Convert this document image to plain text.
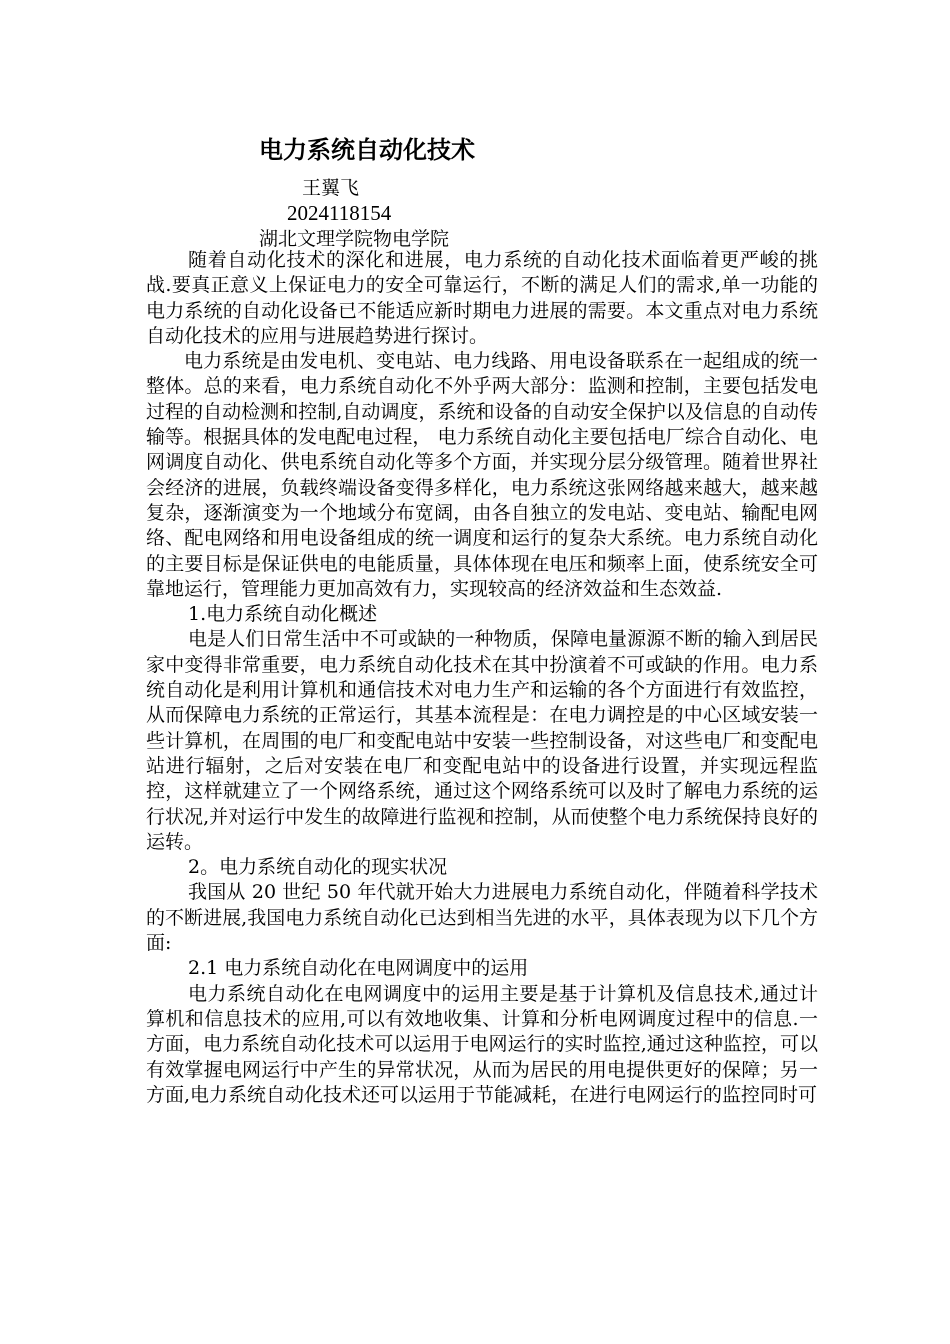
电力系统自动化技术
王翼飞
2024118154
湖北文理学院物电学院

随着自动化技术的深化和进展，电力系统的自动化技术面临着更严峻的挑战.要真正意义上保证电力的安全可靠运行，不断的满足人们的需求,单一功能的电力系统的自动化设备已不能适应新时期电力进展的需要。本文重点对电力系统自动化技术的应用与进展趋势进行探讨。

电力系统是由发电机、变电站、电力线路、用电设备联系在一起组成的统一整体。总的来看，电力系统自动化不外乎两大部分：监测和控制，主要包括发电过程的自动检测和控制,自动调度，系统和设备的自动安全保护以及信息的自动传输等。根据具体的发电配电过程， 电力系统自动化主要包括电厂综合自动化、电网调度自动化、供电系统自动化等多个方面，并实现分层分级管理。随着世界社会经济的进展，负载终端设备变得多样化，电力系统这张网络越来越大，越来越复杂，逐渐演变为一个地域分布宽阔，由各自独立的发电站、变电站、输配电网络、配电网络和用电设备组成的统一调度和运行的复杂大系统。电力系统自动化的主要目标是保证供电的电能质量，具体体现在电压和频率上面，使系统安全可靠地运行，管理能力更加高效有力，实现较高的经济效益和生态效益.

1.电力系统自动化概述

电是人们日常生活中不可或缺的一种物质，保障电量源源不断的输入到居民家中变得非常重要，电力系统自动化技术在其中扮演着不可或缺的作用。电力系统自动化是利用计算机和通信技术对电力生产和运输的各个方面进行有效监控，从而保障电力系统的正常运行，其基本流程是：在电力调控是的中心区域安装一些计算机，在周围的电厂和变配电站中安装一些控制设备，对这些电厂和变配电站进行辐射，之后对安装在电厂和变配电站中的设备进行设置，并实现远程监控，这样就建立了一个网络系统，通过这个网络系统可以及时了解电力系统的运行状况,并对运行中发生的故障进行监视和控制，从而使整个电力系统保持良好的运转。

2。电力系统自动化的现实状况

我国从 20 世纪 50 年代就开始大力进展电力系统自动化，伴随着科学技术的不断进展,我国电力系统自动化已达到相当先进的水平，具体表现为以下几个方面:

2.1 电力系统自动化在电网调度中的运用

电力系统自动化在电网调度中的运用主要是基于计算机及信息技术,通过计算机和信息技术的应用,可以有效地收集、计算和分析电网调度过程中的信息.一方面，电力系统自动化技术可以运用于电网运行的实时监控,通过这种监控，可以有效掌握电网运行中产生的异常状况，从而为居民的用电提供更好的保障；另一方面,电力系统自动化技术还可以运用于节能减耗，在进行电网运行的监控同时可
